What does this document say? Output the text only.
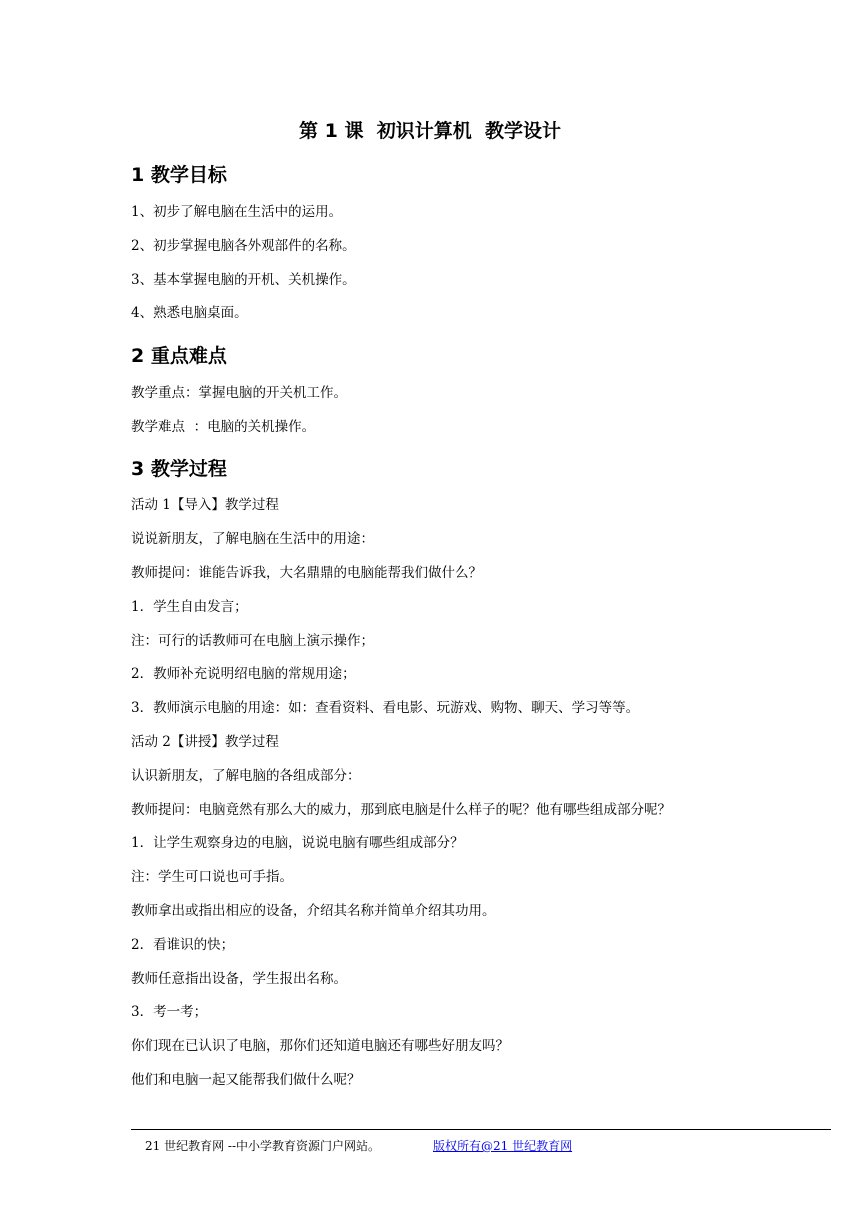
第 1 课  初识计算机  教学设计
1 教学目标
1、初步了解电脑在生活中的运用。
2、初步掌握电脑各外观部件的名称。
3、基本掌握电脑的开机、关机操作。
4、熟悉电脑桌面。
2 重点难点
教学重点：掌握电脑的开关机工作。
教学难点  ：电脑的关机操作。
3 教学过程
活动 1【导入】教学过程
说说新朋友，了解电脑在生活中的用途：
教师提问：谁能告诉我，大名鼎鼎的电脑能帮我们做什么？
1．学生自由发言；
注：可行的话教师可在电脑上演示操作；
2．教师补充说明绍电脑的常规用途；
3．教师演示电脑的用途：如：查看资料、看电影、玩游戏、购物、聊天、学习等等。
活动 2【讲授】教学过程
认识新朋友，了解电脑的各组成部分：
教师提问：电脑竟然有那么大的威力，那到底电脑是什么样子的呢？他有哪些组成部分呢？
1．让学生观察身边的电脑，说说电脑有哪些组成部分？
注：学生可口说也可手指。
教师拿出或指出相应的设备，介绍其名称并简单介绍其功用。
2．看谁识的快；
教师任意指出设备，学生报出名称。
3．考一考；
你们现在已认识了电脑，那你们还知道电脑还有哪些好朋友吗？
他们和电脑一起又能帮我们做什么呢？
21 世纪教育网 --中小学教育资源门户网站。	版权所有@21 世纪教育网
